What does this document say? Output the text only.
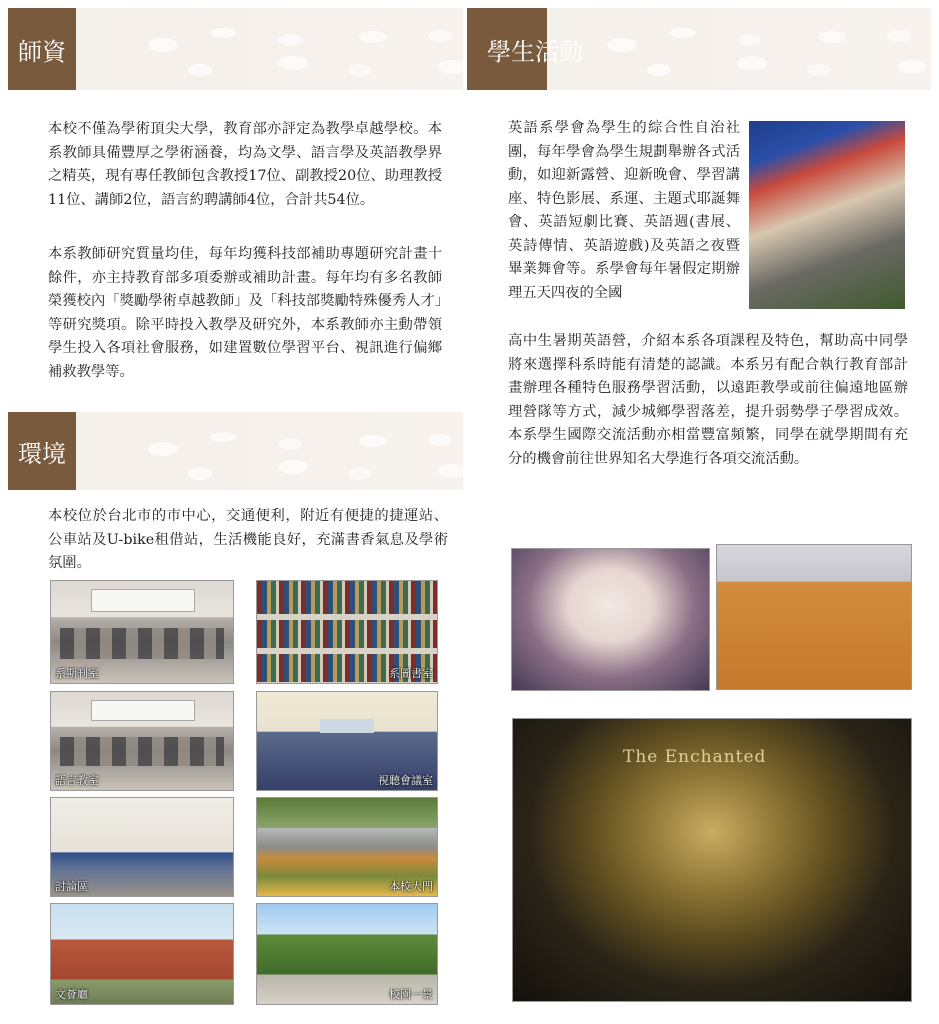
師資	學生活動

本校不僅為學術頂尖大學，教育部亦評定為教學卓越學校。本系教師具備豐厚之學術涵養，均為文學、語言學及英語教學界之精英，現有專任教師包含教授17位、副教授20位、助理教授11位、講師2位，語言約聘講師4位，合計共54位。

本系教師研究質量均佳，每年均獲科技部補助專題研究計畫十餘件，亦主持教育部多項委辦或補助計畫。每年均有多名教師榮獲校內「獎勵學術卓越教師」及「科技部獎勵特殊優秀人才」等研究獎項。除平時投入教學及研究外，本系教師亦主動帶領學生投入各項社會服務，如建置數位學習平台、視訊進行偏鄉補救教學等。

環境

本校位於台北市的市中心，交通便利，附近有便捷的捷運站、公車站及U-bike租借站，生活機能良好，充滿書香氣息及學術氛圍。

系期刊室	系圖書室
語言教室	視聽會議室
討論區	本校大門
文薈廳	校園一景

英語系學會為學生的綜合性自治社團，每年學會為學生規劃舉辦各式活動，如迎新露營、迎新晚會、學習講座、特色影展、系運、主題式耶誕舞會、英語短劇比賽、英語週(書展、英詩傳情、英語遊戲)及英語之夜暨畢業舞會等。系學會每年暑假定期辦理五天四夜的全國

高中生暑期英語營，介紹本系各項課程及特色，幫助高中同學將來選擇科系時能有清楚的認識。本系另有配合執行教育部計畫辦理各種特色服務學習活動，以遠距教學或前往偏遠地區辦理營隊等方式，減少城鄉學習落差，提升弱勢學子學習成效。本系學生國際交流活動亦相當豐富頻繁，同學在就學期間有充分的機會前往世界知名大學進行各項交流活動。

The Enchanted
